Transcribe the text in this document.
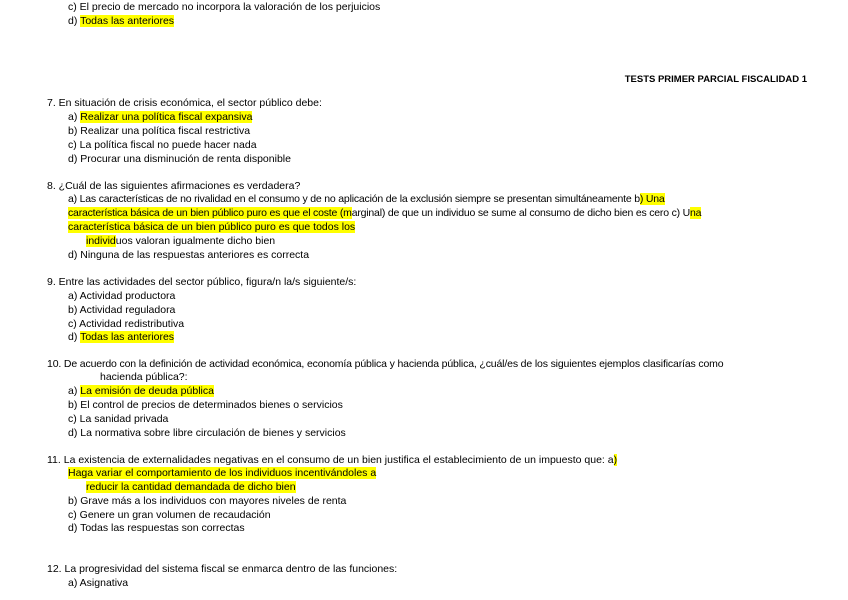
c) El precio de mercado no incorpora la valoración de los perjuicios
d) Todas las anteriores
TESTS PRIMER PARCIAL FISCALIDAD 1
7. En situación de crisis económica, el sector público debe:
a) Realizar una política fiscal expansiva
b) Realizar una política fiscal restrictiva
c) La política fiscal no puede hacer nada
d) Procurar una disminución de renta disponible
8. ¿Cuál de las siguientes afirmaciones es verdadera?
a) Las características de no rivalidad en el consumo y de no aplicación de la exclusión siempre se presentan simultáneamente b) Una
característica básica de un bien público puro es que el coste (marginal) de que un individuo se sume al consumo de dicho bien es cero c) Una
característica básica de un bien público puro es que todos los
individuos valoran igualmente dicho bien
d) Ninguna de las respuestas anteriores es correcta
9. Entre las actividades del sector público, figura/n la/s siguiente/s:
a) Actividad productora
b) Actividad reguladora
c) Actividad redistributiva
d) Todas las anteriores
10. De acuerdo con la definición de actividad económica, economía pública y hacienda pública, ¿cuál/es de los siguientes ejemplos clasificarías como
hacienda pública?:
a) La emisión de deuda pública
b) El control de precios de determinados bienes o servicios
c) La sanidad privada
d) La normativa sobre libre circulación de bienes y servicios
11. La existencia de externalidades negativas en el consumo de un bien justifica el establecimiento de un impuesto que: a)
Haga variar el comportamiento de los individuos incentivándoles a
reducir la cantidad demandada de dicho bien
b) Grave más a los individuos con mayores niveles de renta
c) Genere un gran volumen de recaudación
d) Todas las respuestas son correctas
12. La progresividad del sistema fiscal se enmarca dentro de las funciones:
a) Asignativa
